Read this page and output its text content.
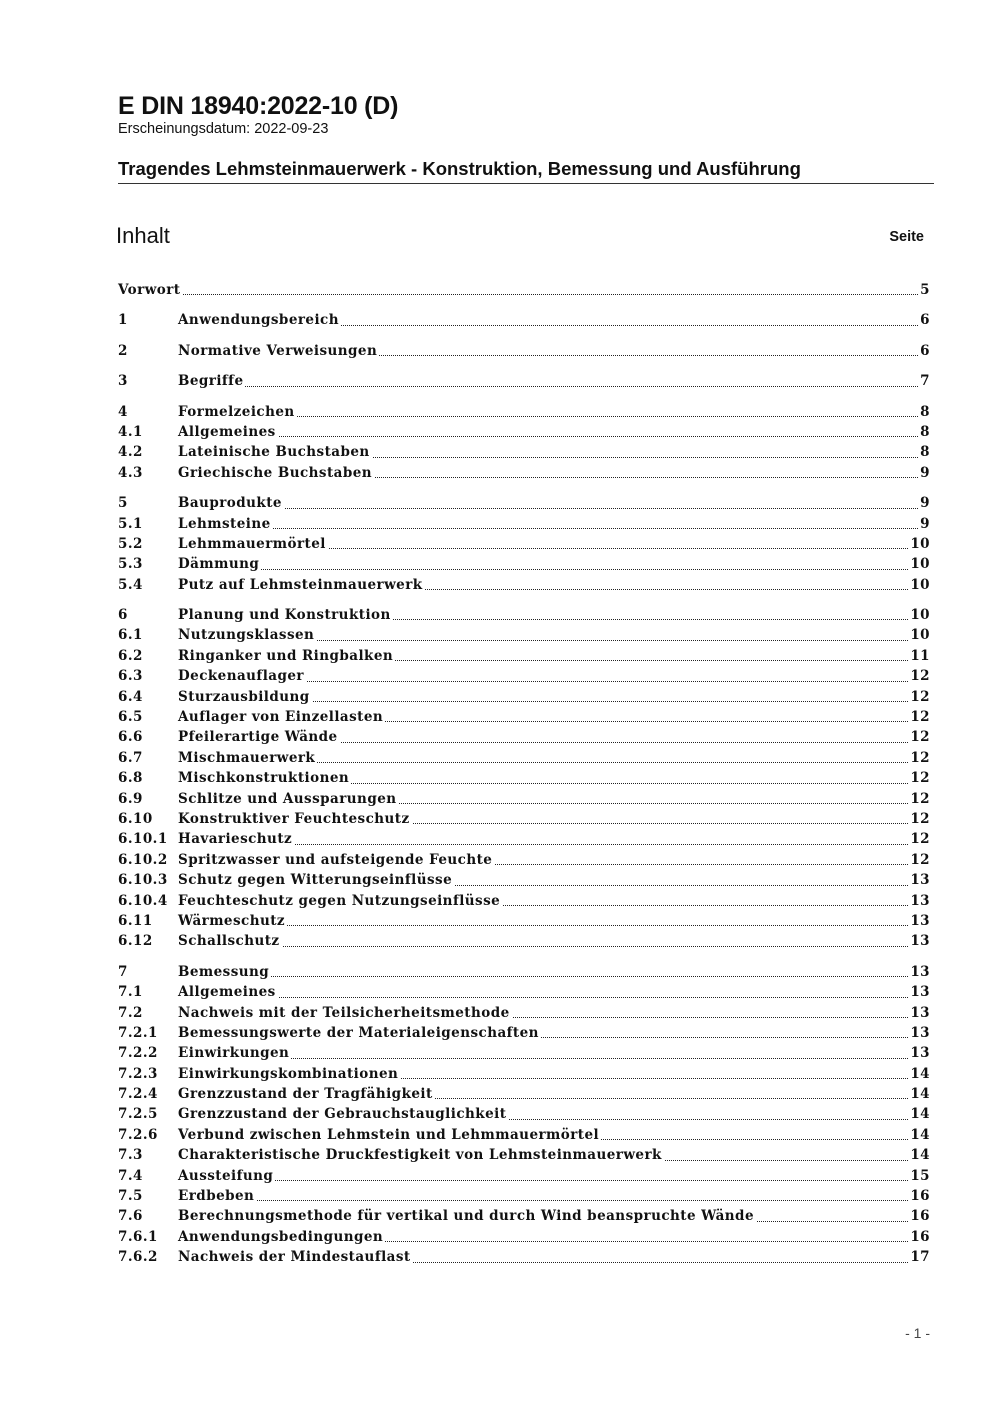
E DIN 18940:2022-10 (D)
Erscheinungsdatum: 2022-09-23
Tragendes Lehmsteinmauerwerk - Konstruktion, Bemessung und Ausführung
Inhalt	Seite
Vorwort	5
1	Anwendungsbereich	6
2	Normative Verweisungen	6
3	Begriffe	7
4	Formelzeichen	8
4.1	Allgemeines	8
4.2	Lateinische Buchstaben	8
4.3	Griechische Buchstaben	9
5	Bauprodukte	9
5.1	Lehmsteine	9
5.2	Lehmmauermörtel	10
5.3	Dämmung	10
5.4	Putz auf Lehmsteinmauerwerk	10
6	Planung und Konstruktion	10
6.1	Nutzungsklassen	10
6.2	Ringanker und Ringbalken	11
6.3	Deckenauflager	12
6.4	Sturzausbildung	12
6.5	Auflager von Einzellasten	12
6.6	Pfeilerartige Wände	12
6.7	Mischmauerwerk	12
6.8	Mischkonstruktionen	12
6.9	Schlitze und Aussparungen	12
6.10 Konstruktiver Feuchteschutz	12
6.10.1 Havarieschutz	12
6.10.2 Spritzwasser und aufsteigende Feuchte	12
6.10.3 Schutz gegen Witterungseinflüsse	13
6.10.4 Feuchteschutz gegen Nutzungseinflüsse	13
6.11 Wärmeschutz	13
6.12 Schallschutz	13
7	Bemessung	13
7.1	Allgemeines	13
7.2	Nachweis mit der Teilsicherheitsmethode	13
7.2.1 Bemessungswerte der Materialeigenschaften	13
7.2.2 Einwirkungen	13
7.2.3 Einwirkungskombinationen	14
7.2.4 Grenzzustand der Tragfähigkeit	14
7.2.5 Grenzzustand der Gebrauchstauglichkeit	14
7.2.6 Verbund zwischen Lehmstein und Lehmmauermörtel	14
7.3	Charakteristische Druckfestigkeit von Lehmsteinmauerwerk	14
7.4	Aussteifung	15
7.5	Erdbeben	16
7.6	Berechnungsmethode für vertikal und durch Wind beanspruchte Wände	16
7.6.1 Anwendungsbedingungen	16
7.6.2 Nachweis der Mindestauflast	17
- 1 -
